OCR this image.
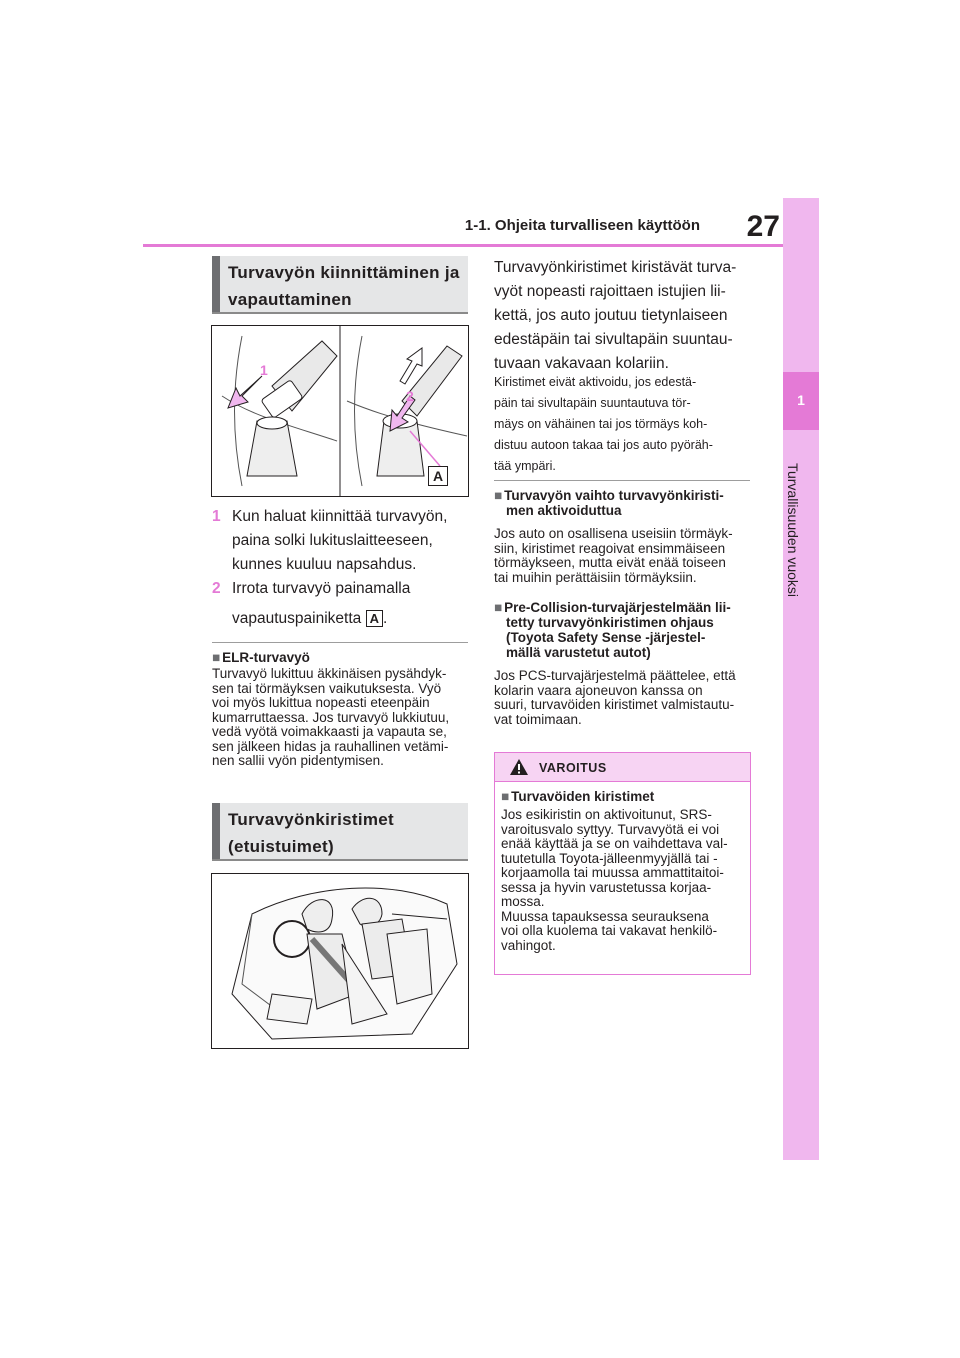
1-1. Ohjeita turvalliseen käyttöön	27
1
Turvallisuuden vuoksi
Turvavyön kiinnittäminen ja
vapauttaminen
1
2
A
1 Kun haluat kiinnittää turvavyön,
paina solki lukituslaitteeseen,
kunnes kuuluu napsahdus.
2 Irrota turvavyö painamalla
vapautuspainiketta A .
■ ELR-turvavyö
Turvavyö lukittuu äkkinäisen pysähdyk-
sen tai törmäyksen vaikutuksesta. Vyö
voi myös lukittua nopeasti eteenpäin
kumarruttaessa. Jos turvavyö lukkiutuu,
vedä vyötä voimakkaasti ja vapauta se,
sen jälkeen hidas ja rauhallinen vetämi-
nen sallii vyön pidentymisen.
Turvavyönkiristimet
(etuistuimet)
Turvavyönkiristimet kiristävät turva-
vyöt nopeasti rajoittaen istujien lii-
kettä, jos auto joutuu tietynlaiseen
edestäpäin tai sivultapäin suuntau-
tuvaan vakavaan kolariin.
Kiristimet eivät aktivoidu, jos edestä-
päin tai sivultapäin suuntautuva tör-
mäys on vähäinen tai jos törmäys koh-
distuu autoon takaa tai jos auto pyöräh-
tää ympäri.
■ Turvavyön vaihto turvavyönkiristi-
men aktivoiduttua
Jos auto on osallisena useisiin törmäyk-
siin, kiristimet reagoivat ensimmäiseen
törmäykseen, mutta eivät enää toiseen
tai muihin perättäisiin törmäyksiin.
■ Pre-Collision-turvajärjestelmään lii-
tetty turvavyönkiristimen ohjaus
(Toyota Safety Sense -järjestel-
mällä varustetut autot)
Jos PCS-turvajärjestelmä päättelee, että
kolarin vaara ajoneuvon kanssa on
suuri, turvavöiden kiristimet valmistautu-
vat toimimaan.
VAROITUS
■ Turvavöiden kiristimet
Jos esikiristin on aktivoitunut, SRS-
varoitusvalo syttyy. Turvavyötä ei voi
enää käyttää ja se on vaihdettava val-
tuutetulla Toyota-jälleenmyyjällä tai -
korjaamolla tai muussa ammattitaitoi-
sessa ja hyvin varustetussa korjaa-
mossa.
Muussa tapauksessa seurauksena
voi olla kuolema tai vakavat henkilö-
vahingot.
